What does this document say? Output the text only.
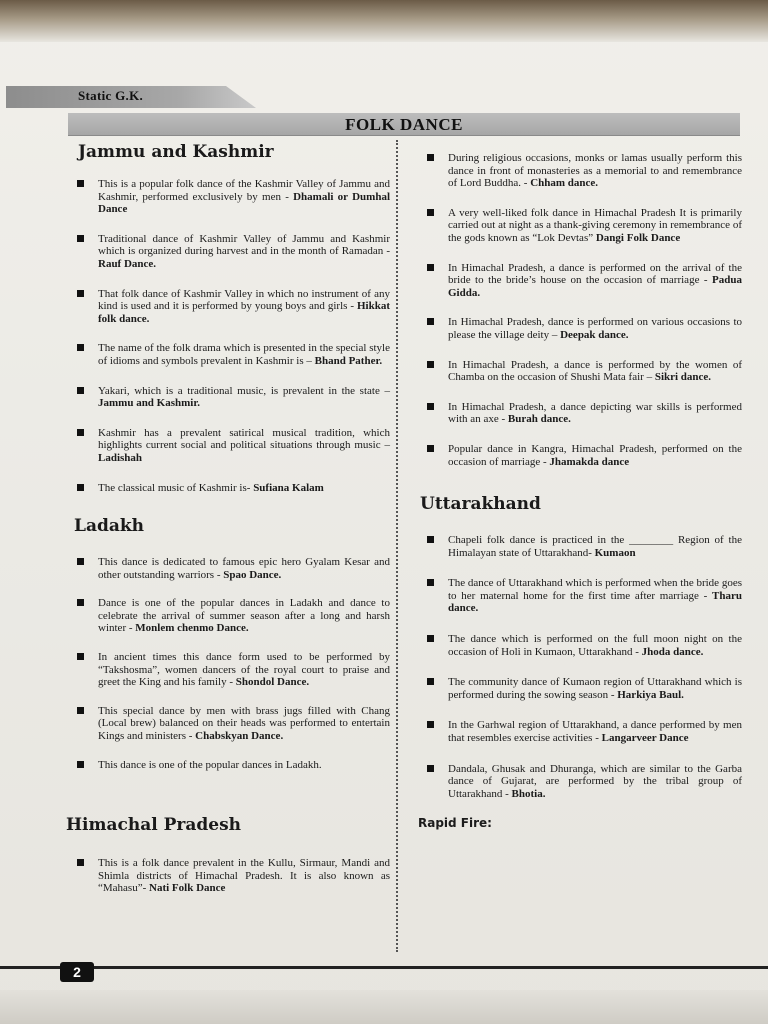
Static G.K.
FOLK DANCE
Jammu and Kashmir
This is a popular folk dance of the Kashmir Valley of Jammu and Kashmir, performed exclusively by men - Dhamali or Dumhal Dance
Traditional dance of Kashmir Valley of Jammu and Kashmir which is organized during harvest and in the month of Ramadan - Rauf Dance.
That folk dance of Kashmir Valley in which no instrument of any kind is used and it is performed by young boys and girls - Hikkat folk dance.
The name of the folk drama which is presented in the special style of idioms and symbols prevalent in Kashmir is – Bhand Pather.
Yakari, which is a traditional music, is prevalent in the state – Jammu and Kashmir.
Kashmir has a prevalent satirical musical tradition, which highlights current social and political situations through music – Ladishah
The classical music of Kashmir is- Sufiana Kalam
Ladakh
This dance is dedicated to famous epic hero Gyalam Kesar and other outstanding warriors - Spao Dance.
Dance is one of the popular dances in Ladakh and dance to celebrate the arrival of summer season after a long and harsh winter - Monlem chenmo Dance.
In ancient times this dance form used to be performed by “Takshosma”, women dancers of the royal court to praise and greet the King and his family - Shondol Dance.
This special dance by men with brass jugs filled with Chang (Local brew) balanced on their heads was performed to entertain Kings and ministers - Chabskyan Dance.
This dance is one of the popular dances in Ladakh.
Himachal Pradesh
This is a folk dance prevalent in the Kullu, Sirmaur, Mandi and Shimla districts of Himachal Pradesh. It is also known as “Mahasu”- Nati Folk Dance
During religious occasions, monks or lamas usually perform this dance in front of monasteries as a memorial to and remembrance of Lord Buddha. - Chham dance.
A very well-liked folk dance in Himachal Pradesh It is primarily carried out at night as a thank-giving ceremony in remembrance of the gods known as “Lok Devtas” Dangi Folk Dance
In Himachal Pradesh, a dance is performed on the arrival of the bride to the bride’s house on the occasion of marriage - Padua Gidda.
In Himachal Pradesh, dance is performed on various occasions to please the village deity – Deepak dance.
In Himachal Pradesh, a dance is performed by the women of Chamba on the occasion of Shushi Mata fair – Sikri dance.
In Himachal Pradesh, a dance depicting war skills is performed with an axe - Burah dance.
Popular dance in Kangra, Himachal Pradesh, performed on the occasion of marriage - Jhamakda dance
Uttarakhand
Chapeli folk dance is practiced in the ________ Region of the Himalayan state of Uttarakhand- Kumaon
The dance of Uttarakhand which is performed when the bride goes to her maternal home for the first time after marriage - Tharu dance.
The dance which is performed on the full moon night on the occasion of Holi in Kumaon, Uttarakhand - Jhoda dance.
The community dance of Kumaon region of Uttarakhand which is performed during the sowing season - Harkiya Baul.
In the Garhwal region of Uttarakhand, a dance performed by men that resembles exercise activities - Langarveer Dance
Dandala, Ghusak and Dhuranga, which are similar to the Garba dance of Gujarat, are performed by the tribal group of Uttarakhand - Bhotia.
Rapid Fire:
2
